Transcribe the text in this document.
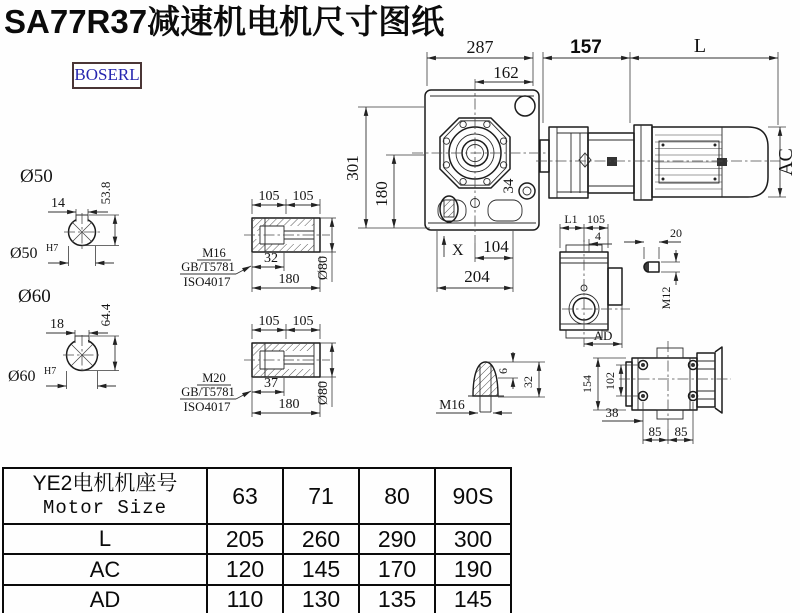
SA77R37减速机电机尺寸图纸
BOSERL
287
162
157	L
301
180	34
X 104
204
AC
Ø50
14	53.8
Ø50 H7
Ø60
18	64.4
Ø60 H7
105 105
Ø80
32
180
M16
GB/T5781
ISO4017
105 105
Ø80
37
180
M20
GB/T5781
ISO4017
L1 105
4
AD
20
M12
154 102
38
85 85
M16
6
32
YE2电机机座号
Motor Size	63	71	80	90S
L	205	260	290	300
AC	120	145	170	190
AD	110	130	135	145
